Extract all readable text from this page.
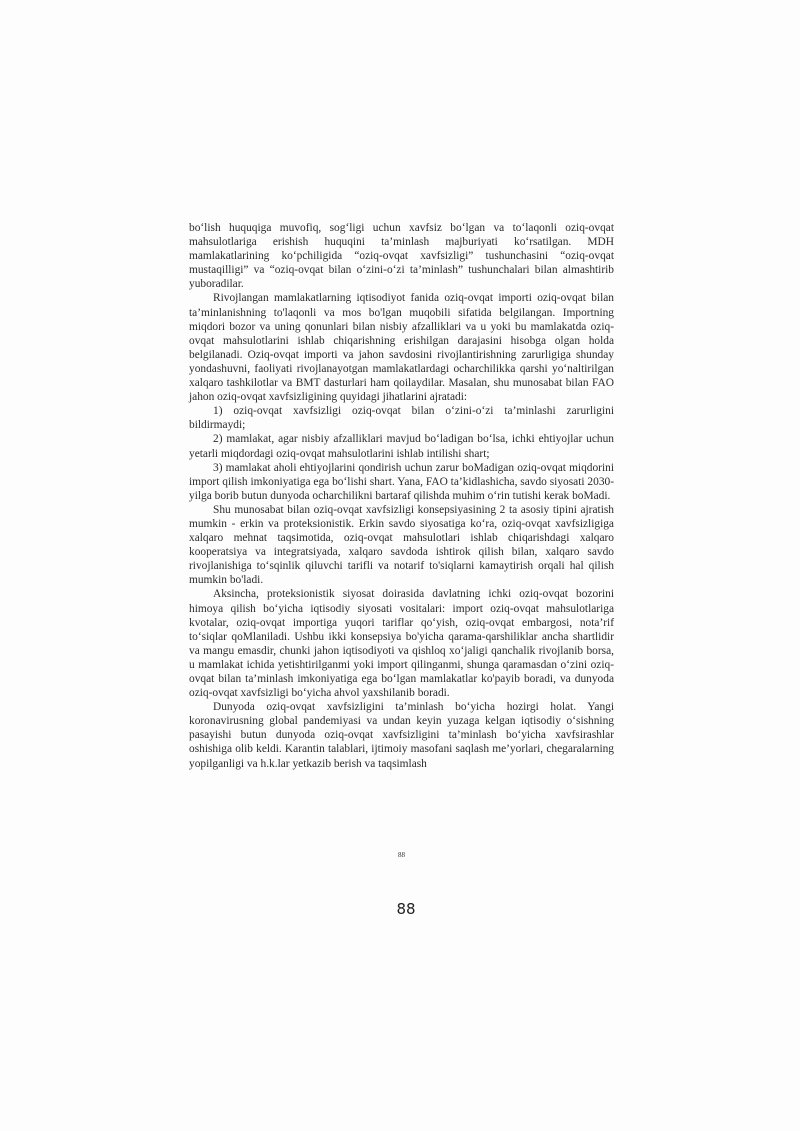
bo‘lish huquqiga muvofiq, sog‘ligi uchun xavfsiz bo‘lgan va to‘laqonli oziq-ovqat mahsulotlariga erishish huquqini ta’minlash majburiyati ko‘rsatilgan. MDH mamlakatlarining ko‘pchiligida “oziq-ovqat xavfsizligi” tushunchasini “oziq-ovqat mustaqilligi” va “oziq-ovqat bilan o‘zini-o‘zi ta’minlash” tushunchalari bilan almashtirib yuboradilar.

Rivojlangan mamlakatlarning iqtisodiyot fanida oziq-ovqat importi oziq-ovqat bilan ta’minlanishning to'laqonli va mos bo'lgan muqobili sifatida belgilangan. Importning miqdori bozor va uning qonunlari bilan nisbiy afzalliklari va u yoki bu mamlakatda oziq-ovqat mahsulotlarini ishlab chiqarishning erishilgan darajasini hisobga olgan holda belgilanadi. Oziq-ovqat importi va jahon savdosini rivojlantirishning zarurligiga shunday yondashuvni, faoliyati rivojlanayotgan mamlakatlardagi ocharchilikka qarshi yo‘naltirilgan xalqaro tashkilotlar va BMT dasturlari ham qoilaydilar. Masalan, shu munosabat bilan FAO jahon oziq-ovqat xavfsizligining quyidagi jihatlarini ajratadi:

1) oziq-ovqat xavfsizligi oziq-ovqat bilan o‘zini-o‘zi ta’minlashi zarurligini bildirmaydi;

2) mamlakat, agar nisbiy afzalliklari mavjud bo‘ladigan bo‘lsa, ichki ehtiyojlar uchun yetarli miqdordagi oziq-ovqat mahsulotlarini ishlab intilishi shart;

3) mamlakat aholi ehtiyojlarini qondirish uchun zarur boMadigan oziq-ovqat miqdorini import qilish imkoniyatiga ega bo‘lishi shart. Yana, FAO ta’kidlashicha, savdo siyosati 2030-yilga borib butun dunyoda ocharchilikni bartaraf qilishda muhim o‘rin tutishi kerak boMadi.

Shu munosabat bilan oziq-ovqat xavfsizligi konsepsiyasining 2 ta asosiy tipini ajratish mumkin - erkin va proteksionistik. Erkin savdo siyosatiga ko‘ra, oziq-ovqat xavfsizligiga xalqaro mehnat taqsimotida, oziq-ovqat mahsulotlari ishlab chiqarishdagi xalqaro kooperatsiya va integratsiyada, xalqaro savdoda ishtirok qilish bilan, xalqaro savdo rivojlanishiga to‘sqinlik qiluvchi tarifli va notarif to'siqlarni kamaytirish orqali hal qilish mumkin bo'ladi.

Aksincha, proteksionistik siyosat doirasida davlatning ichki oziq-ovqat bozorini himoya qilish bo‘yicha iqtisodiy siyosati vositalari: import oziq-ovqat mahsulotlariga kvotalar, oziq-ovqat importiga yuqori tariflar qo‘yish, oziq-ovqat embargosi, nota’rif to‘siqlar qoMlaniladi. Ushbu ikki konsepsiya bo'yicha qarama-qarshiliklar ancha shartlidir va mangu emasdir, chunki jahon iqtisodiyoti va qishloq xo‘jaligi qanchalik rivojlanib borsa, u mamlakat ichida yetishtirilganmi yoki import qilinganmi, shunga qaramasdan o‘zini oziq-ovqat bilan ta’minlash imkoniyatiga ega bo‘lgan mamlakatlar ko'payib boradi, va dunyoda oziq-ovqat xavfsizligi bo‘yicha ahvol yaxshilanib boradi.

Dunyoda oziq-ovqat xavfsizligini ta’minlash bo‘yicha hozirgi holat. Yangi koronavirusning global pandemiyasi va undan keyin yuzaga kelgan iqtisodiy o‘sishning pasayishi butun dunyoda oziq-ovqat xavfsizligini ta’minlash bo‘yicha xavfsirashlar oshishiga olib keldi. Karantin talablari, ijtimoiy masofani saqlash me’yorlari, chegaralarning yopilganligi va h.k.lar yetkazib berish va taqsimlash

88
88
